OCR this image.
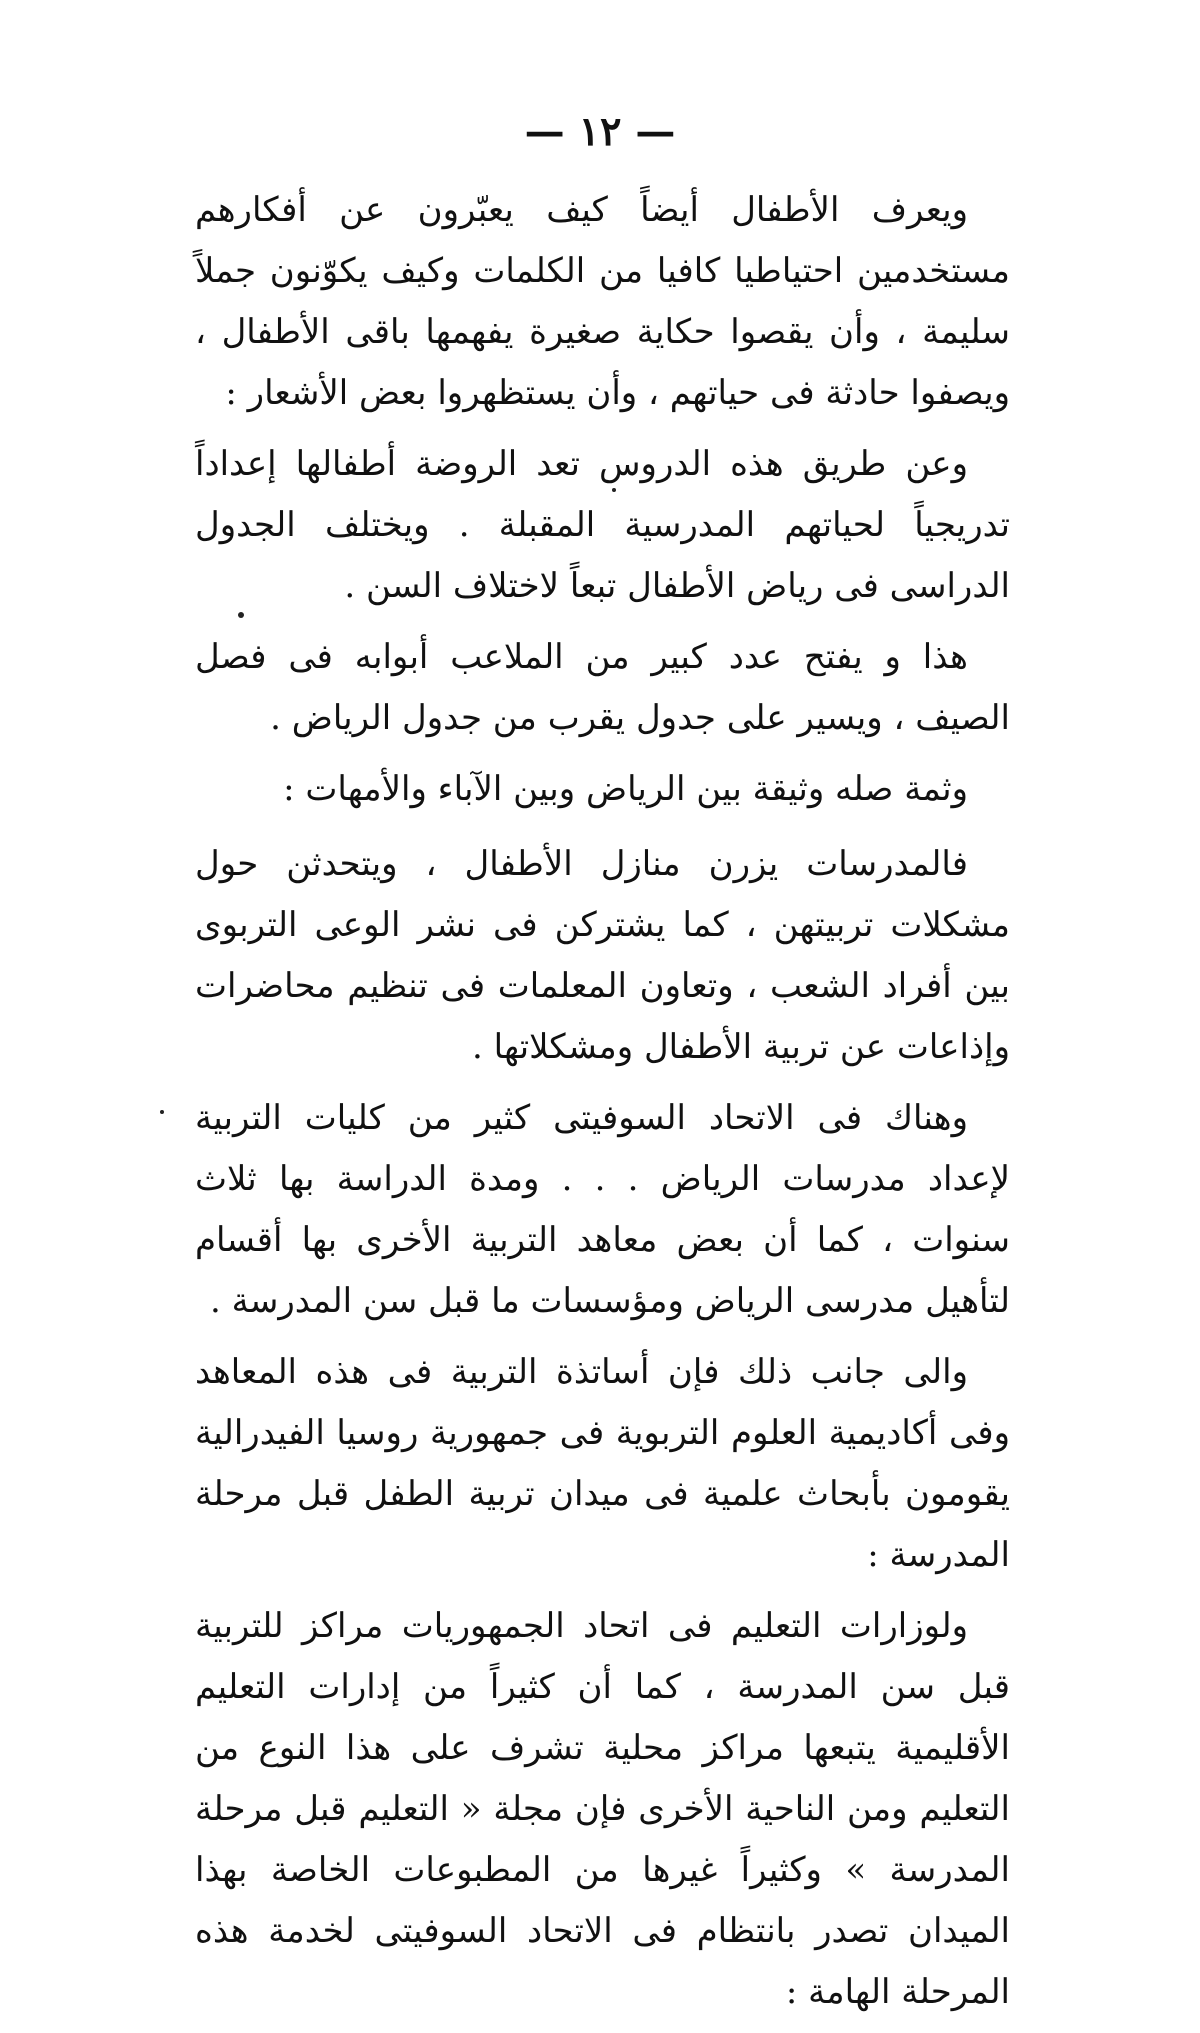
— ١٢ —

ويعرف الأطفال أيضاً كيف يعبّرون عن أفكارهم مستخدمين احتياطيا كافيا من الكلمات وكيف يكوّنون جملاً سليمة ، وأن يقصوا حكاية صغيرة يفهمها باقى الأطفال ، ويصفوا حادثة فى حياتهم ، وأن يستظهروا بعض الأشعار :

وعن طريق هذه الدروس تعد الروضة أطفالها إعداداً تدريجياً لحياتهم المدرسية المقبلة . ويختلف الجدول الدراسى فى رياض الأطفال تبعاً لاختلاف السن .

هذا و يفتح عدد كبير من الملاعب أبوابه فى فصل الصيف ، ويسير على جدول يقرب من جدول الرياض .

وثمة صله وثيقة بين الرياض وبين الآباء والأمهات :

فالمدرسات يزرن منازل الأطفال ، ويتحدثن حول مشكلات تربيتهن ، كما يشتركن فى نشر الوعى التربوى بين أفراد الشعب ، وتعاون المعلمات فى تنظيم محاضرات وإذاعات عن تربية الأطفال ومشكلاتها .

وهناك فى الاتحاد السوفيتى كثير من كليات التربية لإعداد مدرسات الرياض . . . ومدة الدراسة بها ثلاث سنوات ، كما أن بعض معاهد التربية الأخرى بها أقسام لتأهيل مدرسى الرياض ومؤسسات ما قبل سن المدرسة .

والى جانب ذلك فإن أساتذة التربية فى هذه المعاهد وفى أكاديمية العلوم التربوية فى جمهورية روسيا الفيدرالية يقومون بأبحاث علمية فى ميدان تربية الطفل قبل مرحلة المدرسة :

ولوزارات التعليم فى اتحاد الجمهوريات مراكز للتربية قبل سن المدرسة ، كما أن كثيراً من إدارات التعليم الأقليمية يتبعها مراكز محلية تشرف على هذا النوع من التعليم ومن الناحية الأخرى فإن مجلة « التعليم قبل مرحلة المدرسة » وكثيراً غيرها من المطبوعات الخاصة بهذا الميدان تصدر بانتظام فى الاتحاد السوفيتى لخدمة هذه المرحلة الهامة :
